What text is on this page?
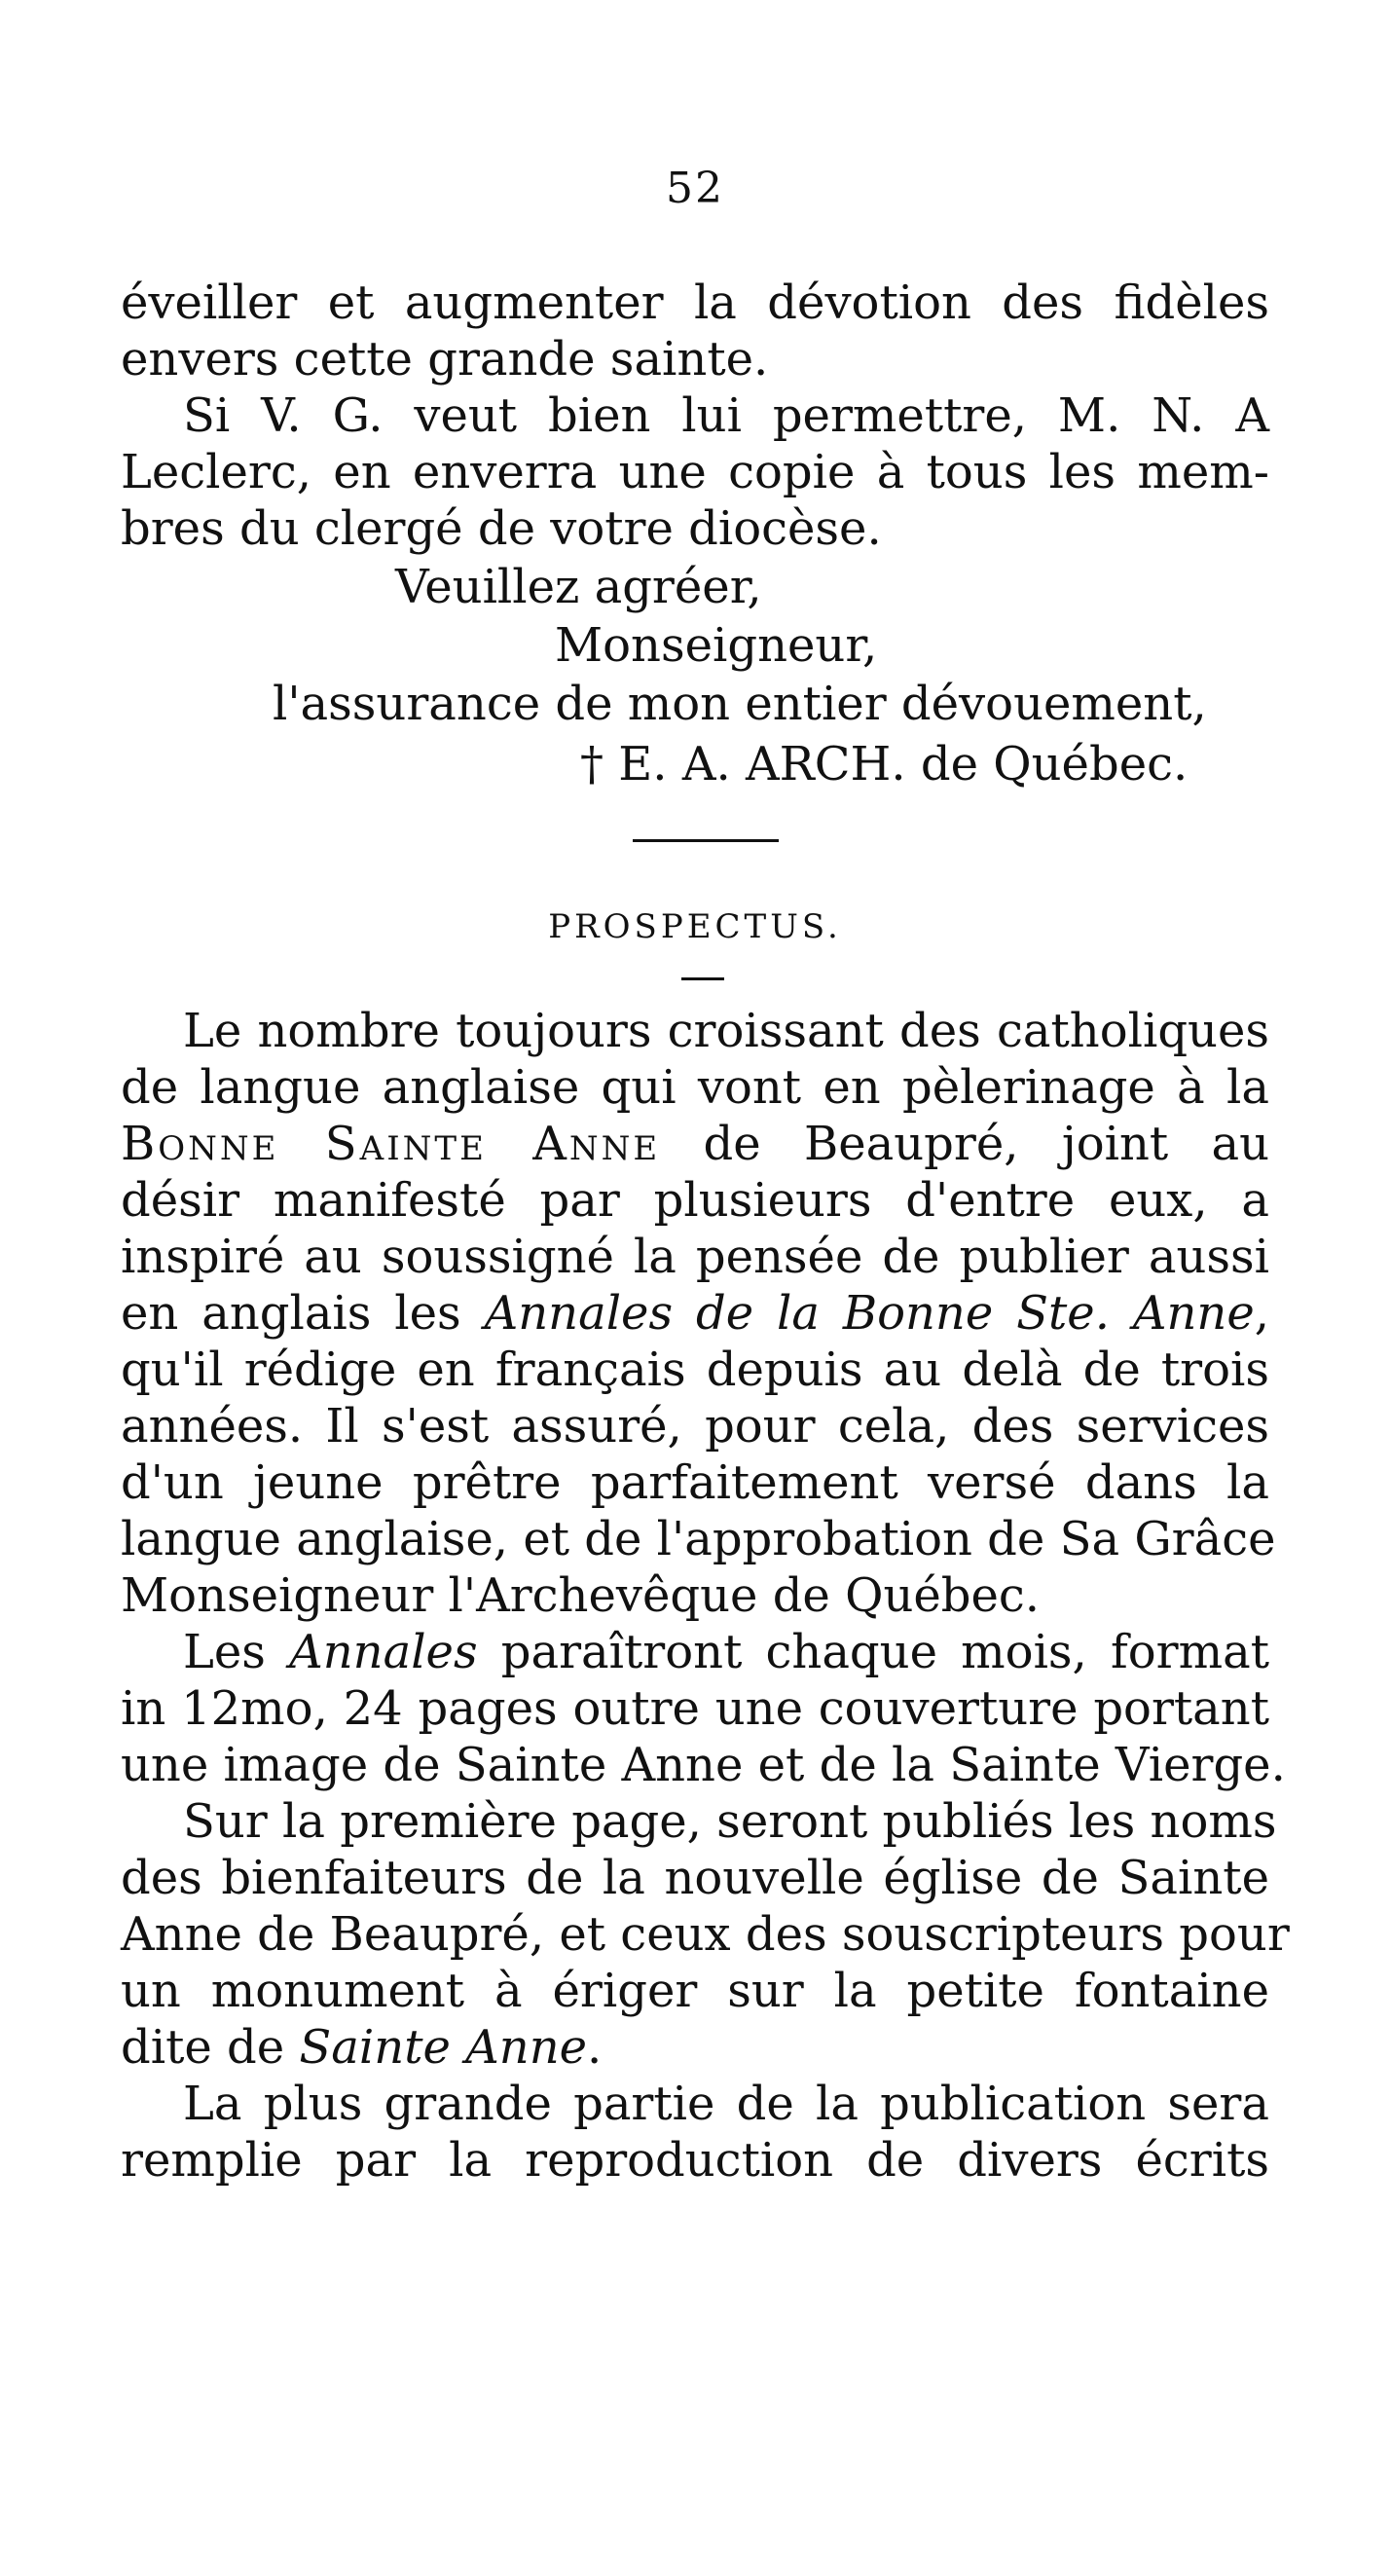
52
éveiller et augmenter la dévotion des fidèles
envers cette grande sainte.
Si V. G. veut bien lui permettre, M. N. A
Leclerc, en enverra une copie à tous les mem-
bres du clergé de votre diocèse.
Veuillez agréer,
Monseigneur,
l'assurance de mon entier dévouement,
† E. A. ARCH. de Québec.
PROSPECTUS.
Le nombre toujours croissant des catholiques
de langue anglaise qui vont en pèlerinage à la
Bonne Sainte Anne de Beaupré, joint au
désir manifesté par plusieurs d'entre eux, a
inspiré au soussigné la pensée de publier aussi
en anglais les Annales de la Bonne Ste. Anne,
qu'il rédige en français depuis au delà de trois
années. Il s'est assuré, pour cela, des services
d'un jeune prêtre parfaitement versé dans la
langue anglaise, et de l'approbation de Sa Grâce
Monseigneur l'Archevêque de Québec.
Les Annales paraîtront chaque mois, format
in 12mo, 24 pages outre une couverture portant
une image de Sainte Anne et de la Sainte Vierge.
Sur la première page, seront publiés les noms
des bienfaiteurs de la nouvelle église de Sainte
Anne de Beaupré, et ceux des souscripteurs pour
un monument à ériger sur la petite fontaine
dite de Sainte Anne.
La plus grande partie de la publication sera
remplie par la reproduction de divers écrits
